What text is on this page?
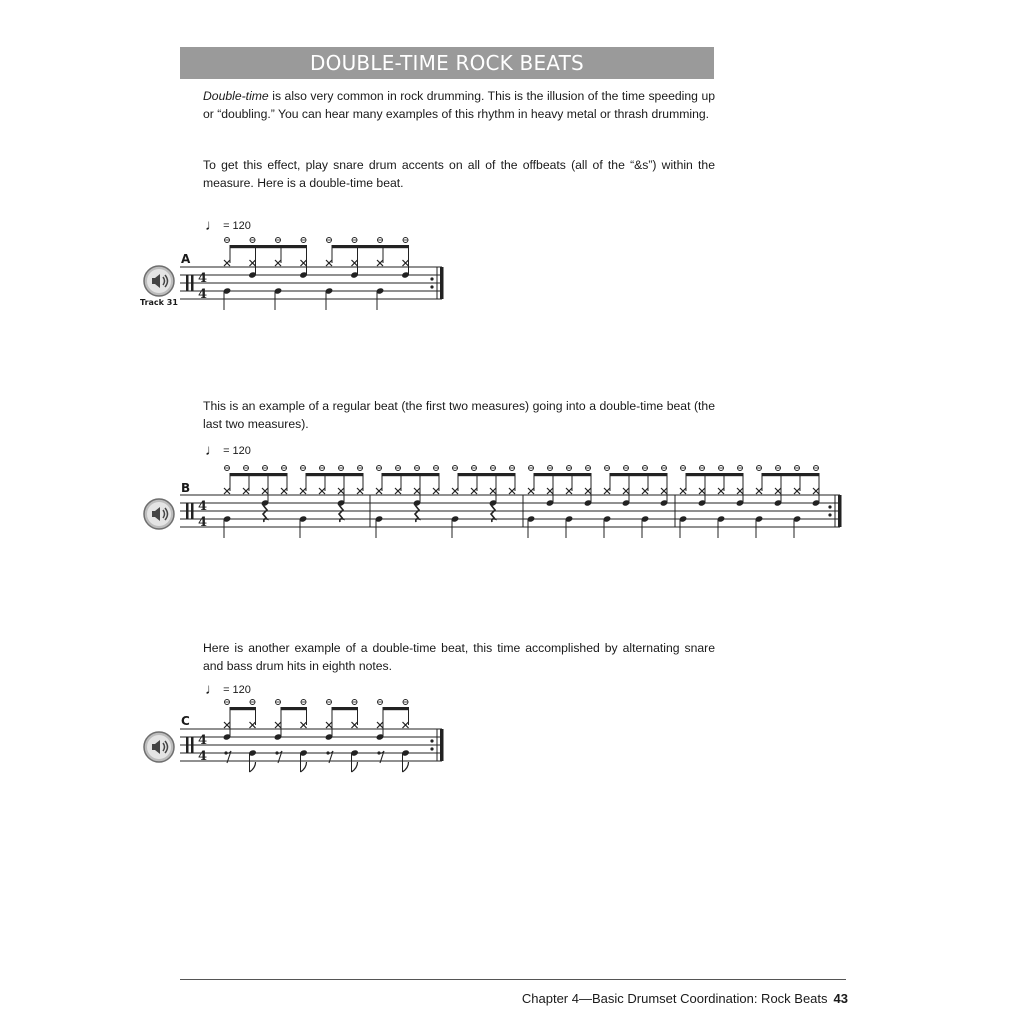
DOUBLE-TIME ROCK BEATS

Double-time is also very common in rock drumming. This is the illusion of the time speeding up or “doubling.” You can hear many examples of this rhythm in heavy metal or thrash drumming.

To get this effect, play snare drum accents on all of the offbeats (all of the “&s”) within the measure. Here is a double-time beat.

♩ = 120
A
Track 31
4
4

This is an example of a regular beat (the first two measures) going into a double-time beat (the last two measures).

♩ = 120
B
4
4

Here is another example of a double-time beat, this time accomplished by alternating snare and bass drum hits in eighth notes.

♩ = 120
C
4
4
Chapter 4—Basic Drumset Coordination: Rock Beats 43
